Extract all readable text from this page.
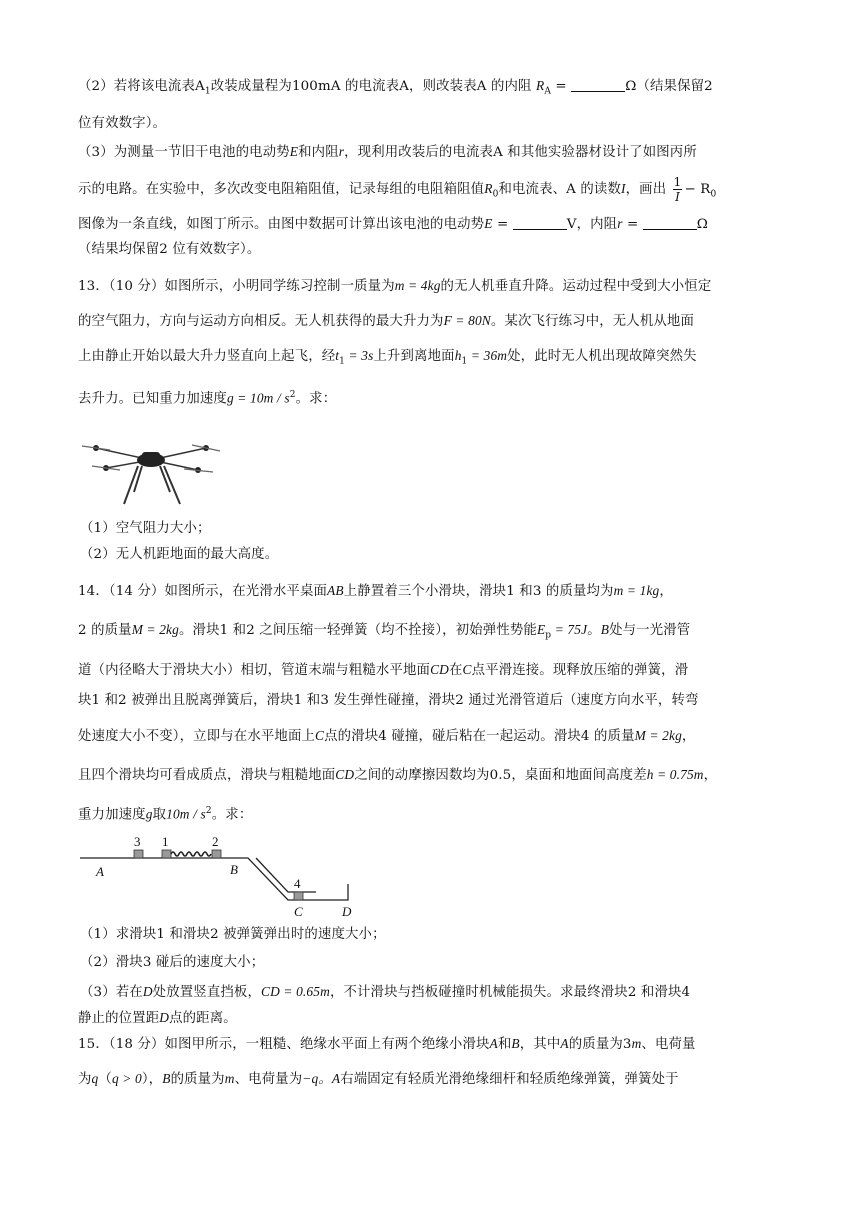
（2）若将该电流表$A_1$改装成量程为100mA 的电流表A，则改装表A 的内阻 $R_A$ =	Ω（结果保留2
位有效数字）。
（3）为测量一节旧干电池的电动势E和内阻r，现利用改装后的电流表A 和其他实验器材设计了如图丙所
示的电路。在实验中，多次改变电阻箱阻值，记录每组的电阻箱阻值$R_0$和电流表、A 的读数I，画出 $\frac{1}{I} - R_0$
图像为一条直线，如图丁所示。由图中数据可计算出该电池的电动势E =	V，内阻r =	Ω
（结果均保留2 位有效数字）。
13．（10 分）如图所示，小明同学练习控制一质量为m = 4kg的无人机垂直升降。运动过程中受到大小恒定
的空气阻力，方向与运动方向相反。无人机获得的最大升力为F = 80N。某次飞行练习中，无人机从地面
上由静止开始以最大升力竖直向上起飞，经$t_1 = 3s$上升到离地面$h_1 = 36m$处，此时无人机出现故障突然失
去升力。已知重力加速度$g = 10m / s^2$。求：
（1）空气阻力大小；
（2）无人机距地面的最大高度。
14．（14 分）如图所示，在光滑水平桌面AB上静置着三个小滑块，滑块1 和3 的质量均为m = 1kg，
2 的质量M = 2kg。滑块1 和2 之间压缩一轻弹簧（均不拴接），初始弹性势能$E_p = 75J$。B处与一光滑管
道（内径略大于滑块大小）相切，管道末端与粗糙水平地面CD在C点平滑连接。现释放压缩的弹簧，滑
块1 和2 被弹出且脱离弹簧后，滑块1 和3 发生弹性碰撞，滑块2 通过光滑管道后（速度方向水平，转弯
处速度大小不变），立即与在水平地面上C点的滑块4 碰撞，碰后粘在一起运动。滑块4 的质量M = 2kg，
且四个滑块均可看成质点，滑块与粗糙地面CD之间的动摩擦因数均为0.5，桌面和地面间高度差h = 0.75m，
重力加速度g取$10m / s^2$。求：
3 1	2
A	B
4
C	D
（1）求滑块1 和滑块2 被弹簧弹出时的速度大小；
（2）滑块3 碰后的速度大小；
（3）若在D处放置竖直挡板，CD = 0.65m，不计滑块与挡板碰撞时机械能损失。求最终滑块2 和滑块4
静止的位置距D点的距离。
15．（18 分）如图甲所示，一粗糙、绝缘水平面上有两个绝缘小滑块A和B，其中A的质量为3m、电荷量
为q（q > 0），B的质量为m、电荷量为−q。A右端固定有轻质光滑绝缘细杆和轻质绝缘弹簧，弹簧处于
